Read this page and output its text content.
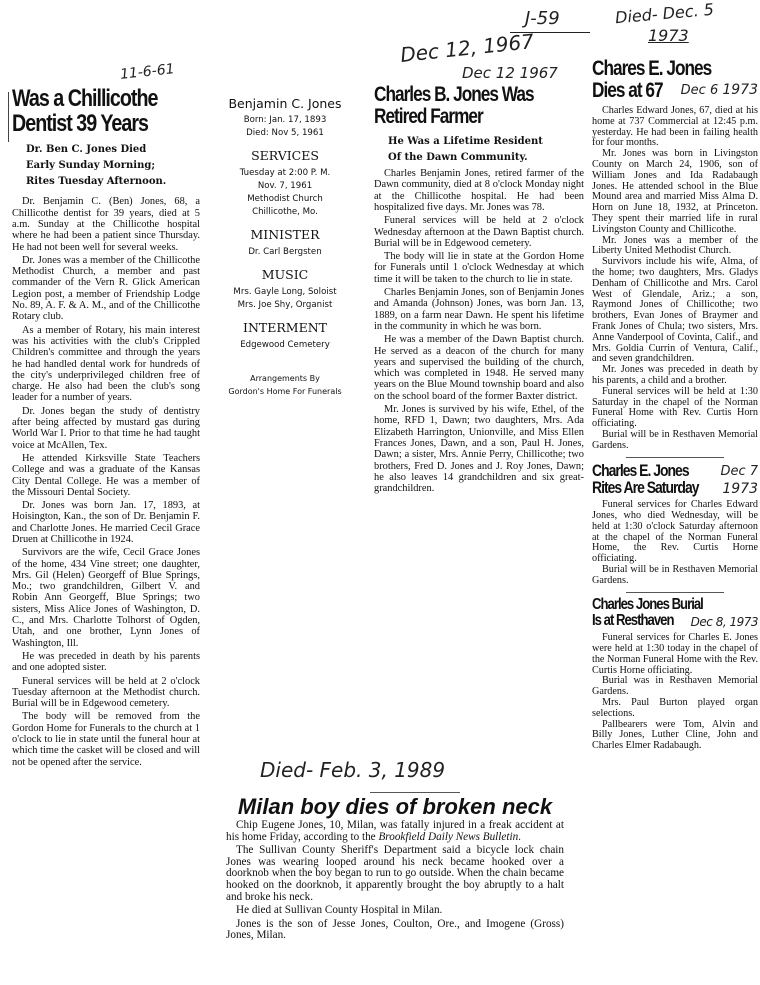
J-59
Dec 12, 1967
Died- Dec. 5
1973
11-6-61
Was a Chillicothe
Dentist 39 Years
Dr. Ben C. Jones Died
Early Sunday Morning;
Rites Tuesday Afternoon.

Dr. Benjamin C. (Ben) Jones, 68, a Chillicothe dentist for 39 years, died at 5 a.m. Sunday at the Chillicothe hospital where he had been a patient since Thursday. He had not been well for several weeks.

Dr. Jones was a member of the Chillicothe Methodist Church, a member and past commander of the Vern R. Glick American Legion post, a member of Friendship Lodge No. 89, A. F. & A. M., and of the Chillicothe Rotary club.

As a member of Rotary, his main interest was his activities with the club's Crippled Children's committee and through the years he had handled dental work for hundreds of the city's underprivileged children free of charge. He also had been the club's song leader for a number of years.

Dr. Jones began the study of dentistry after being affected by mustard gas during World War I. Prior to that time he had taught voice at McAllen, Tex.

He attended Kirksville State Teachers College and was a graduate of the Kansas City Dental College. He was a member of the Missouri Dental Society.

Dr. Jones was born Jan. 17, 1893, at Hoisington, Kan., the son of Dr. Benjamin F. and Charlotte Jones. He married Cecil Grace Druen at Chillicothe in 1924.

Survivors are the wife, Cecil Grace Jones of the home, 434 Vine street; one daughter, Mrs. Gil (Helen) Georgeff of Blue Springs, Mo.; two grandchildren, Gilbert V. and Robin Ann Georgeff, Blue Springs; two sisters, Miss Alice Jones of Washington, D. C., and Mrs. Charlotte Tolhorst of Ogden, Utah, and one brother, Lynn Jones of Washington, Ill.

He was preceded in death by his parents and one adopted sister.

Funeral services will be held at 2 o'clock Tuesday afternoon at the Methodist church. Burial will be in Edgewood cemetery.

The body will be removed from the Gordon Home for Funerals to the church at 1 o'clock to lie in state until the funeral hour at which time the casket will be closed and will not be opened after the service.

Benjamin C. Jones
Born: Jan. 17, 1893
Died: Nov 5, 1961
SERVICES
Tuesday at 2:00 P. M.
Nov. 7, 1961
Methodist Church
Chillicothe, Mo.
MINISTER
Dr. Carl Bergsten
MUSIC
Mrs. Gayle Long, Soloist
Mrs. Joe Shy, Organist
INTERMENT
Edgewood Cemetery
Arrangements By
Gordon's Home For Funerals
Dec 12 1967
Charles B. Jones Was
Retired Farmer
He Was a Lifetime Resident
Of the Dawn Community.

Charles Benjamin Jones, retired farmer of the Dawn community, died at 8 o'clock Monday night at the Chillicothe hospital. He had been hospitalized five days. Mr. Jones was 78.

Funeral services will be held at 2 o'clock Wednesday afternoon at the Dawn Baptist church. Burial will be in Edgewood cemetery.

The body will lie in state at the Gordon Home for Funerals until 1 o'clock Wednesday at which time it will be taken to the church to lie in state.

Charles Benjamin Jones, son of Benjamin Jones and Amanda (Johnson) Jones, was born Jan. 13, 1889, on a farm near Dawn. He spent his lifetime in the community in which he was born.

He was a member of the Dawn Baptist church. He served as a deacon of the church for many years and supervised the building of the church, which was completed in 1948. He served many years on the Blue Mound township board and also on the school board of the former Baxter district.

Mr. Jones is survived by his wife, Ethel, of the home, RFD 1, Dawn; two daughters, Mrs. Ada Elizabeth Harrington, Unionville, and Miss Ellen Frances Jones, Dawn, and a son, Paul H. Jones, Dawn; a sister, Mrs. Annie Perry, Chillicothe; two brothers, Fred D. Jones and J. Roy Jones, Dawn; he also leaves 14 grandchildren and six great-grandchildren.

Chares E. Jones
Dies at 67	Dec 6 1973

Charles Edward Jones, 67, died at his home at 737 Commercial at 12:45 p.m. yesterday. He had been in failing health for four months.

Mr. Jones was born in Livingston County on March 24, 1906, son of William Jones and Ida Radabaugh Jones. He attended school in the Blue Mound area and married Miss Alma D. Horn on June 18, 1932, at Princeton. They spent their married life in rural Livingston County and Chillicothe.

Mr. Jones was a member of the Liberty United Methodist Church.

Survivors include his wife, Alma, of the home; two daughters, Mrs. Gladys Denham of Chillicothe and Mrs. Carol West of Glendale, Ariz.; a son, Raymond Jones of Chillicothe; two brothers, Evan Jones of Braymer and Frank Jones of Chula; two sisters, Mrs. Anne Vanderpool of Covinta, Calif., and Mrs. Goldia Currin of Ventura, Calif., and seven grandchildren.

Mr. Jones was preceded in death by his parents, a child and a brother.

Funeral services will be held at 1:30 Saturday in the chapel of the Norman Funeral Home with Rev. Curtis Horn officiating.

Burial will be in Resthaven Memorial Gardens.

Charles E. Jones	Dec 7
Rites Are Saturday	1973

Funeral services for Charles Edward Jones, who died Wednesday, will be held at 1:30 o'clock Saturday afternoon at the chapel of the Norman Funeral Home, the Rev. Curtis Horne officiating.

Burial will be in Resthaven Memorial Gardens.

Charles Jones Burial
Is at Resthaven	Dec 8, 1973

Funeral services for Charles E. Jones were held at 1:30 today in the chapel of the Norman Funeral Home with the Rev. Curtis Horne officiating.

Burial was in Resthaven Memorial Gardens.

Mrs. Paul Burton played organ selections.

Pallbearers were Tom, Alvin and Billy Jones, Luther Cline, John and Charles Elmer Radabaugh.

Died- Feb. 3, 1989
Milan boy dies of broken neck

Chip Eugene Jones, 10, Milan, was fatally injured in a freak accident at his home Friday, according to the Brookfield Daily News Bulletin.

The Sullivan County Sheriff's Department said a bicycle lock chain Jones was wearing looped around his neck became hooked over a doorknob when the boy began to run to go outside. When the chain became hooked on the doorknob, it apparently brought the boy abruptly to a halt and broke his neck.

He died at Sullivan County Hospital in Milan.

Jones is the son of Jesse Jones, Coulton, Ore., and Imogene (Gross) Jones, Milan.
